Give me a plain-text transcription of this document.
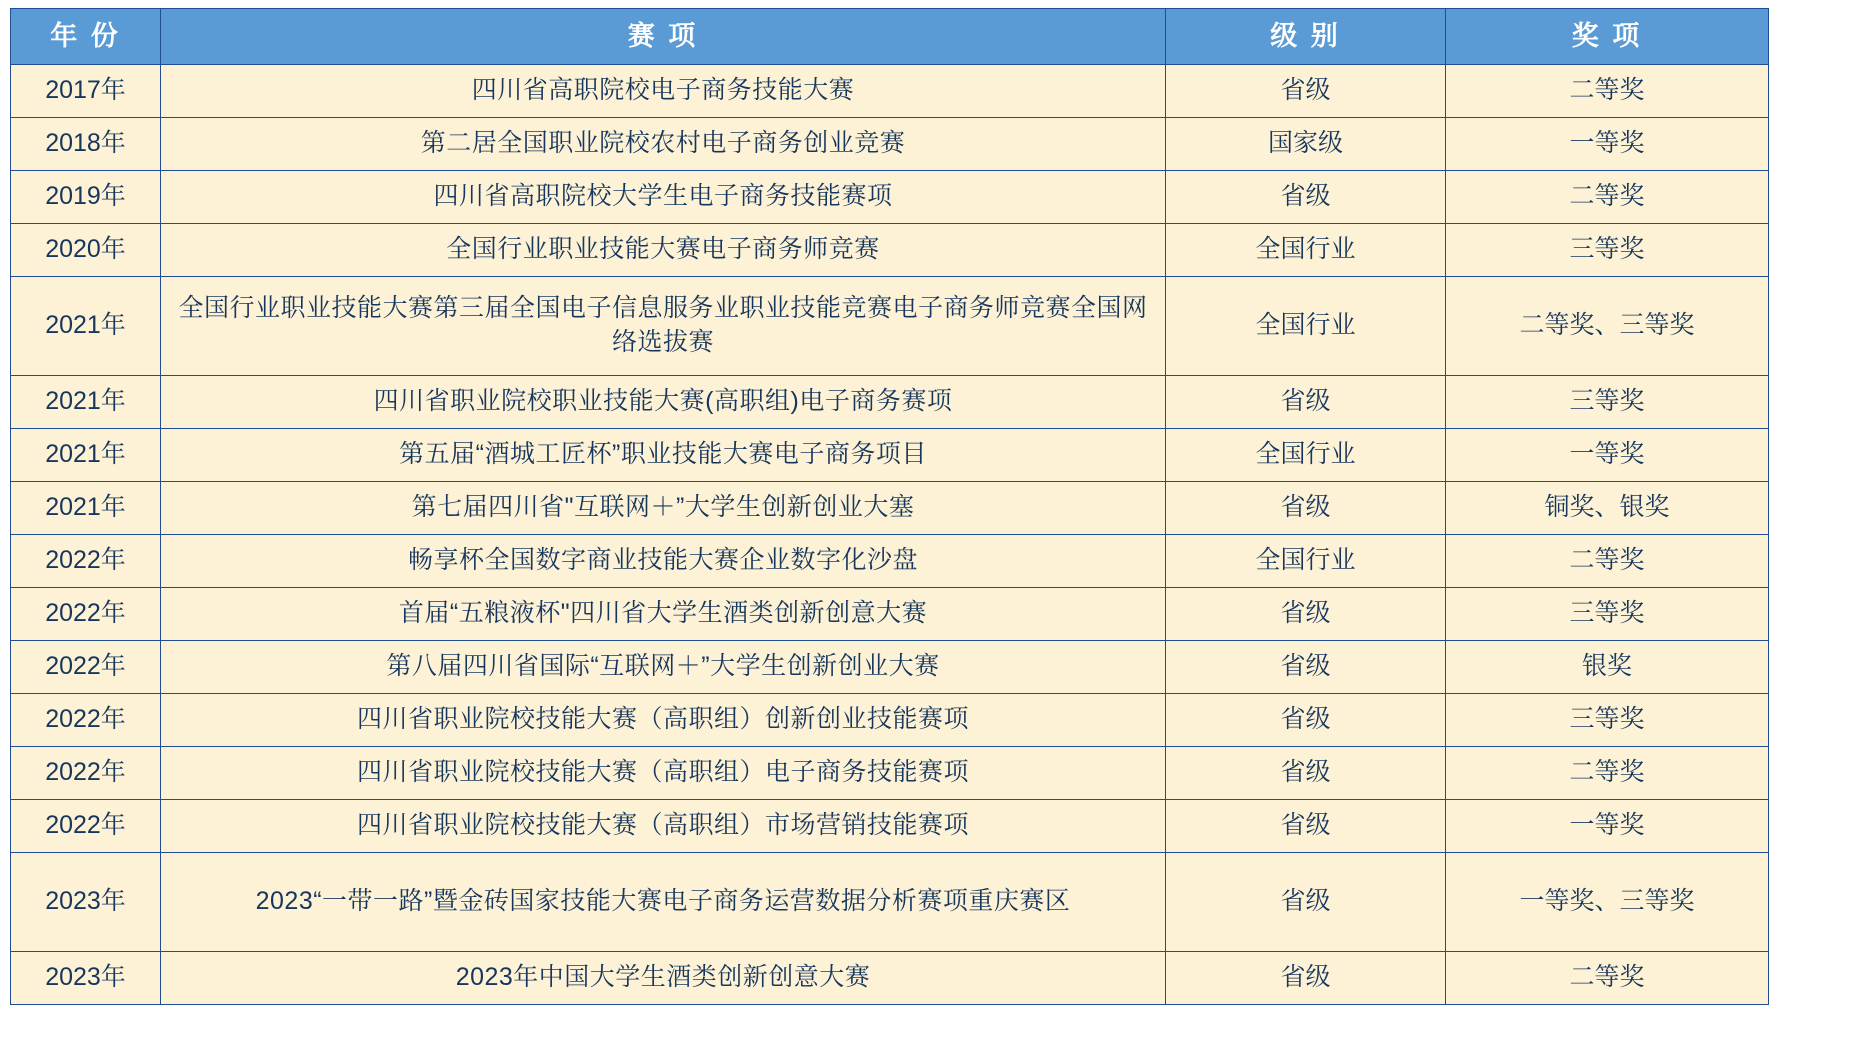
年 份	赛 项	级 别	奖 项
2017年	四川省高职院校电子商务技能大赛	省级	二等奖
2018年	第二居全国职业院校农村电子商务创业竞赛	国家级	一等奖
2019年	四川省高职院校大学生电子商务技能赛项	省级	二等奖
2020年	全国行业职业技能大赛电子商务师竞赛	全国行业	三等奖
2021年	全国行业职业技能大赛第三届全国电子信息服务业职业技能竞赛电子商务师竞赛全国网络选拔赛	全国行业	二等奖、三等奖
2021年	四川省职业院校职业技能大赛(高职组)电子商务赛项	省级	三等奖
2021年	第五届“酒城工匠杯”职业技能大赛电子商务项目	全国行业	一等奖
2021年	第七届四川省"互联网＋”大学生创新创业大塞	省级	铜奖、银奖
2022年	畅享杯全国数字商业技能大赛企业数字化沙盘	全国行业	二等奖
2022年	首届“五粮液杯"四川省大学生酒类创新创意大赛	省级	三等奖
2022年	第八届四川省国际“互联网＋”大学生创新创业大赛	省级	银奖
2022年	四川省职业院校技能大赛（高职组）创新创业技能赛项	省级	三等奖
2022年	四川省职业院校技能大赛（高职组）电子商务技能赛项	省级	二等奖
2022年	四川省职业院校技能大赛（高职组）市场营销技能赛项	省级	一等奖
2023年	2023“一带一路”暨金砖国家技能大赛电子商务运营数据分析赛项重庆赛区	省级	一等奖、三等奖
2023年	2023年中国大学生酒类创新创意大赛	省级	二等奖
